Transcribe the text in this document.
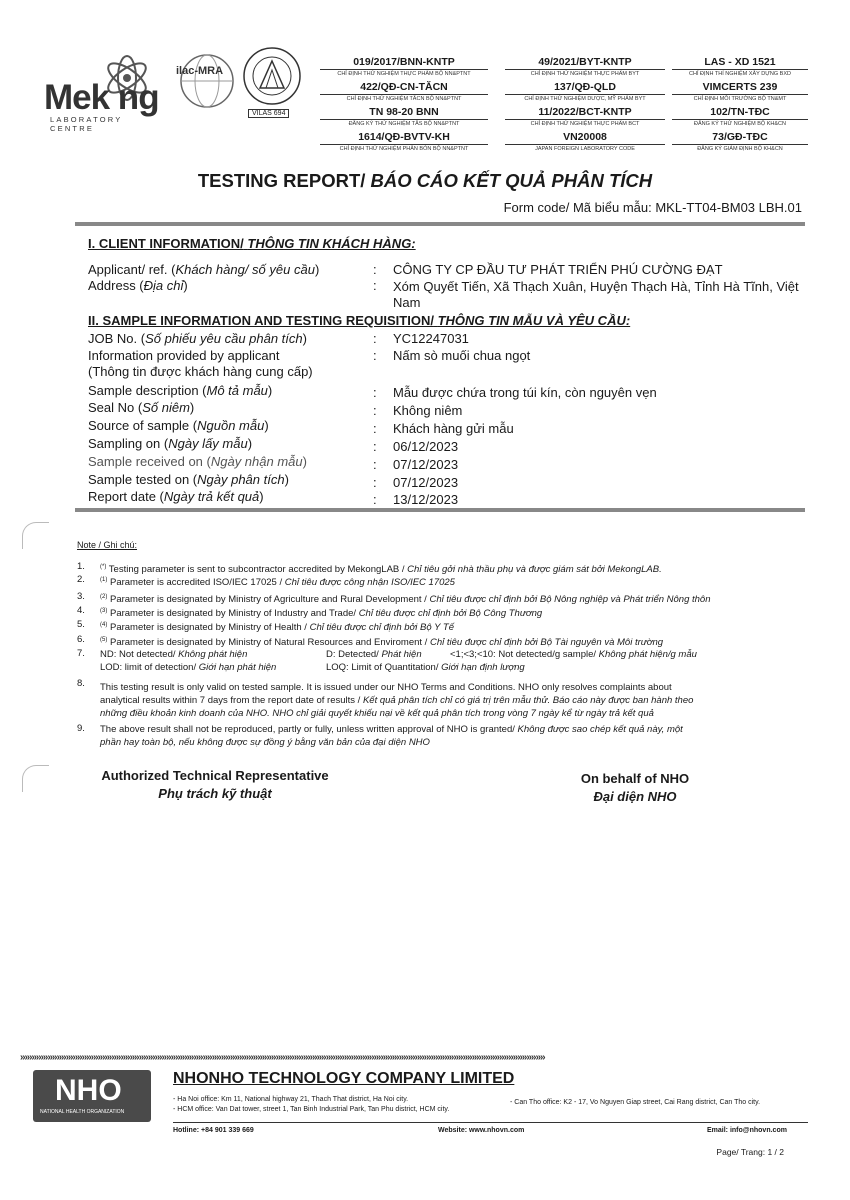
Mek ng
LABORATORY CENTRE
ilac-MRA
VILAS 694
019/2017/BNN-KNTP
CHỈ ĐỊNH THỬ NGHIỆM THỰC PHẨM BỘ NN&PTNT
422/QĐ-CN-TĂCN
CHỈ ĐỊNH THỬ NGHIỆM TĂCN BỘ NN&PTNT
TN 98-20 BNN
ĐĂNG KÝ THỬ NGHIỆM TĂS BỘ NN&PTNT
1614/QĐ-BVTV-KH
CHỈ ĐỊNH THỬ NGHIỆM PHÂN BÓN BỘ NN&PTNT
49/2021/BYT-KNTP
CHỈ ĐỊNH THỬ NGHIỆM THỰC PHẨM BYT
137/QĐ-QLD
CHỈ ĐỊNH THỬ NGHIỆM DƯỢC, MỸ PHẨM BYT
11/2022/BCT-KNTP
CHỈ ĐỊNH THỬ NGHIỆM THỰC PHẨM BCT
VN20008
JAPAN FOREIGN LABORATORY CODE
LAS - XD 1521
CHỈ ĐỊNH THÍ NGHIỆM XÂY DỰNG BXD
VIMCERTS 239
CHỈ ĐỊNH MÔI TRƯỜNG BỘ TN&MT
102/TN-TĐC
ĐĂNG KÝ THỬ NGHIỆM BỘ KH&CN
73/GĐ-TĐC
ĐĂNG KÝ GIÁM ĐỊNH BỘ KH&CN
TESTING REPORT/ BÁO CÁO KẾT QUẢ PHÂN TÍCH
Form code/ Mã biểu mẫu: MKL-TT04-BM03 LBH.01
I. CLIENT INFORMATION/ THÔNG TIN KHÁCH HÀNG:
Applicant/ ref. (Khách hàng/ số yêu cầu)	: CÔNG TY CP ĐẦU TƯ PHÁT TRIỂN PHÚ CƯỜNG ĐẠT
Address (Địa chỉ)	: Xóm Quyết Tiến, Xã Thạch Xuân, Huyện Thạch Hà, Tỉnh Hà Tĩnh, Việt Nam
II. SAMPLE INFORMATION AND TESTING REQUISITION/ THÔNG TIN MẪU VÀ YÊU CẦU:
JOB No. (Số phiếu yêu cầu phân tích)	: YC12247031
Information provided by applicant
(Thông tin được khách hàng cung cấp)
: Nấm sò muối chua ngọt
Sample description (Mô tả mẫu)	: Mẫu được chứa trong túi kín, còn nguyên vẹn
Seal No (Số niêm)	: Không niêm
Source of sample (Nguồn mẫu)	: Khách hàng gửi mẫu
Sampling on (Ngày lấy mẫu)	: 06/12/2023
Sample received on (Ngày nhận mẫu)	: 07/12/2023
Sample tested on (Ngày phân tích)	: 07/12/2023
Report date (Ngày trả kết quả)	: 13/12/2023
Note / Ghi chú:
1.	(*) Testing parameter is sent to subcontractor accredited by MekongLAB / Chỉ tiêu gởi nhà thầu phụ và được giám sát bởi MekongLAB.
2.	$^{(1)}$ Parameter is accredited ISO/IEC 17025 / Chỉ tiêu được công nhận ISO/IEC 17025
3.	$^{(2)}$ Parameter is designated by Ministry of Agriculture and Rural Development / Chỉ tiêu được chỉ định bởi Bộ Nông nghiệp và Phát triển Nông thôn
4.	$^{(3)}$ Parameter is designated by Ministry of Industry and Trade/ Chỉ tiêu được chỉ định bởi Bộ Công Thương
5.	$^{(4)}$ Parameter is designated by Ministry of Health / Chỉ tiêu được chỉ định bởi Bộ Y Tế
6.	$^{(5)}$ Parameter is designated by Ministry of Natural Resources and Enviroment / Chỉ tiêu được chỉ định bởi Bộ Tài nguyên và Môi trường
7. ND: Not detected/ Không phát hiện	D: Detected/ Phát hiện	<1;<3;<10: Not detected/g sample/ Không phát hiện/g mẫu
LOD: limit of detection/ Giới hạn phát hiện	LOQ: Limit of Quantitation/ Giới hạn định lượng
8. This testing result is only valid on tested sample. It is issued under our NHO Terms and Conditions. NHO only resolves complaints about
analytical results within 7 days from the report date of results / Kết quả phân tích chỉ có giá trị trên mẫu thử. Báo cáo này được ban hành theo
những điều khoản kinh doanh của NHO. NHO chỉ giải quyết khiếu nại về kết quả phân tích trong vòng 7 ngày kể từ ngày trả kết quả
9. The above result shall not be reproduced, partly or fully, unless written approval of NHO is granted/ Không được sao chép kết quả này, một
phần hay toàn bộ, nếu không được sự đồng ý bằng văn bản của đại diện NHO
Authorized Technical Representative
Phụ trách kỹ thuật
On behalf of NHO
Đại diện NHO
»»»»»»»»»»»»»»»»»»»»»»»»»»»»»»»»»»»»»»»»»»»»»»»»»»»»»»»»»»»»»»»»»»»»»»»»»»»»»»»»»»»»»»»»»»»»»»»»»»»»»»»»»»»»»»»»»»»
NHO
NATIONAL HEALTH ORGANIZATION
NHONHO TECHNOLOGY COMPANY LIMITED
- Ha Noi office: Km 11, National highway 21, Thach That district, Ha Noi city.
- HCM office: Van Dat tower, street 1, Tan Binh Industrial Park, Tan Phu district, HCM city.
- Can Tho office: K2 - 17, Vo Nguyen Giap street, Cai Rang district, Can Tho city.
Hotline: +84 901 339 669	Website: www.nhovn.com	Email: info@nhovn.com
Page/ Trang: 1 / 2
